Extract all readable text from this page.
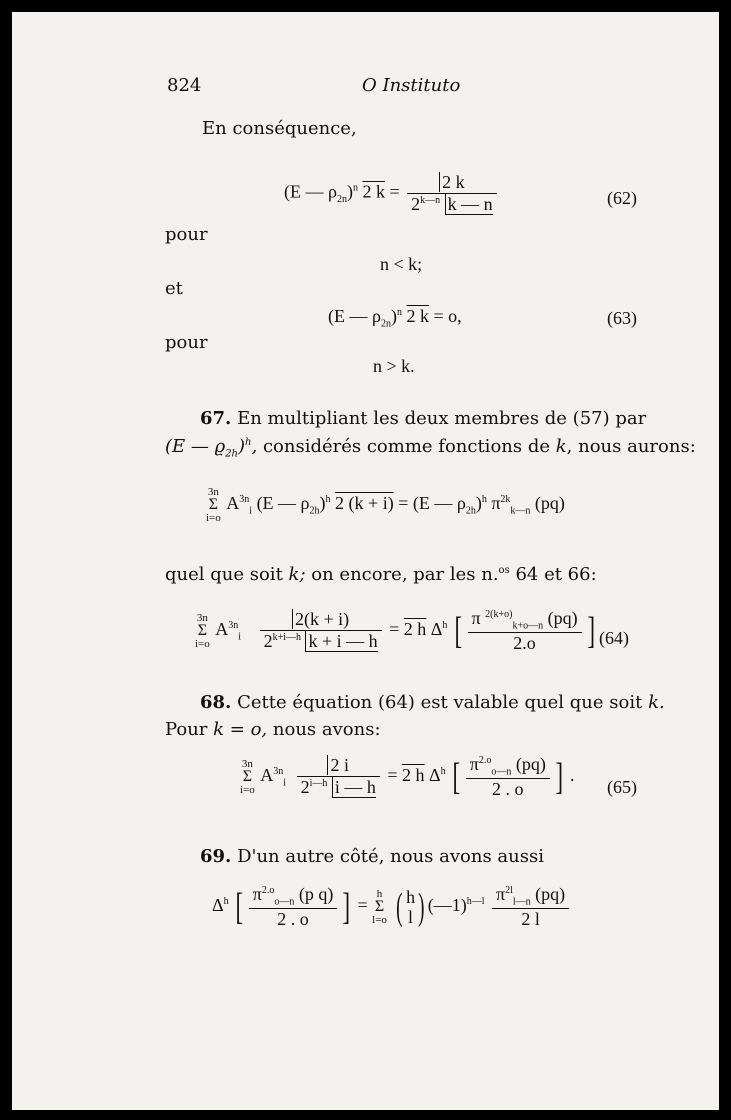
824	O Instituto
En conséquence,
(E — $\rho_{2n})^n$ 2 $k = \frac{2 k}{2^{k—n} k — n}$	(62)
pour
n < k;
et
(E — $\rho_{2n})^n$ 2 k = o,	(63)
pour
n > k.
67. En multipliant les deux membres de (57) par
(E — $ϱ_{2h})^h$, considérés comme fonctions de k, nous aurons:
3n
Σ
i=o $A^{3n}_i$ (E — $\rho_{2h})^h$ 2 (k + i) = (E — $\rho_{2h})^h$ $\pi^{2k}_{k—n}$ (pq)
quel que soit k; on encore, par les n.$^{os}$ 64 et 66:
3n
Σ
i=o $A^{3n}_i \frac{2(k + i)}{2^{k+i—h} k + i — h} = 2$ h $\Delta^h$ [ $\frac{\pi ^{2(k+o)}_{k+o—n} (pq)}{2.o}$ ] (64)
68. Cette équation (64) est valable quel que soit k.
Pour k = o, nous avons:
3n
Σ
i=o $A^{3n}_i \frac{2 i}{2^{i—h} i — h} = 2$ h $\Delta^h$ [ $\frac{\pi^{2.o}_{o—n} (pq)}{2 . o}$ ] .
(65)
69. D'un autre côté, nous avons aussi
$\Delta^h$ [ $\frac{\pi^{2.o}_{o—n} (p q)}{2 . o}$ ] = h
Σ
l=o ( h
l ) (—1)$^{h—l}$ $\frac{\pi^{2l}_{l—n} (pq)}{2 l}$
